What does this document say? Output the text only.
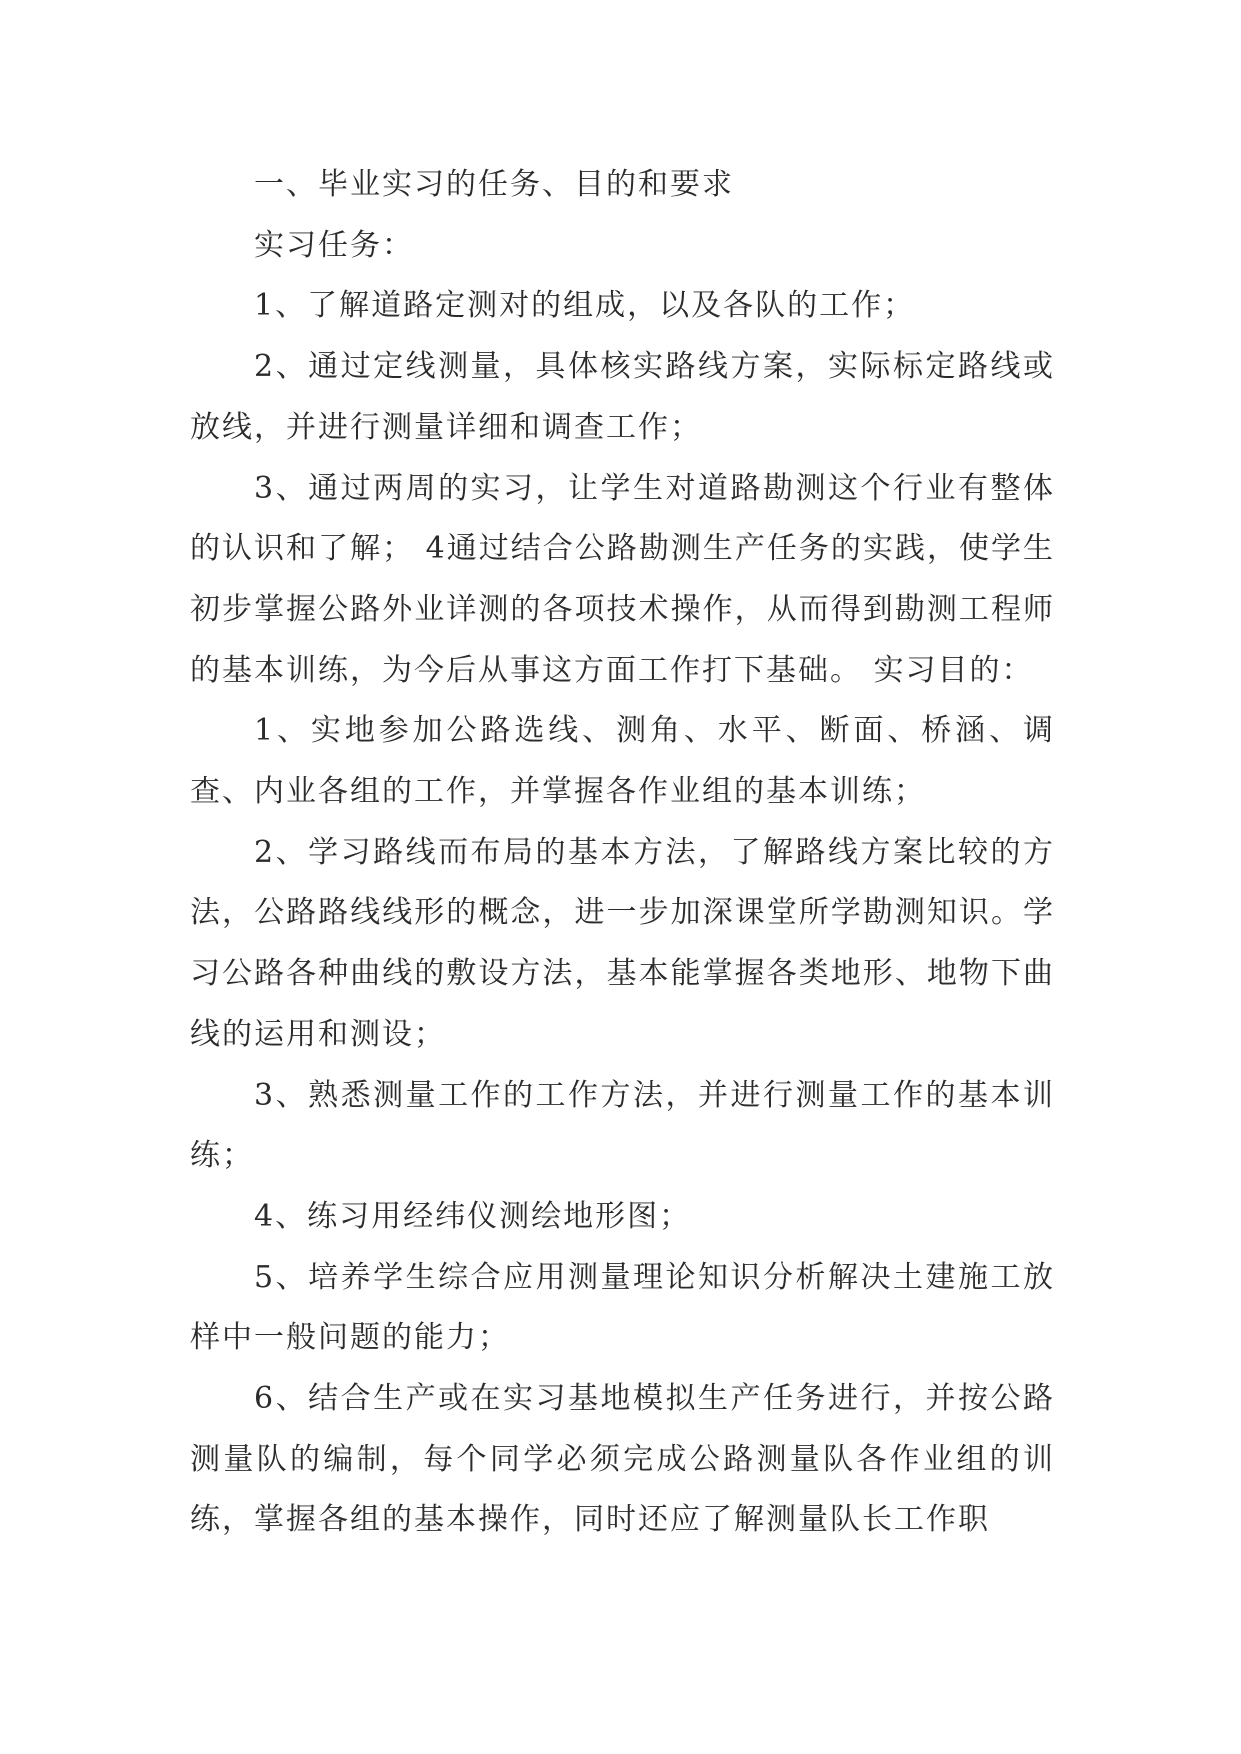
一、毕业实习的任务、目的和要求

实习任务：

1、了解道路定测对的组成，以及各队的工作；

2、通过定线测量，具体核实路线方案，实际标定路线或放线，并进行测量详细和调查工作；

3、通过两周的实习，让学生对道路勘测这个行业有整体的认识和了解； 4通过结合公路勘测生产任务的实践，使学生初步掌握公路外业详测的各项技术操作，从而得到勘测工程师的基本训练，为今后从事这方面工作打下基础。 实习目的：

1、实地参加公路选线、测角、水平、断面、桥涵、调查、内业各组的工作，并掌握各作业组的基本训练；

2、学习路线而布局的基本方法，了解路线方案比较的方法，公路路线线形的概念，进一步加深课堂所学勘测知识。学习公路各种曲线的敷设方法，基本能掌握各类地形、地物下曲线的运用和测设；

3、熟悉测量工作的工作方法，并进行测量工作的基本训练；

4、练习用经纬仪测绘地形图；

5、培养学生综合应用测量理论知识分析解决土建施工放样中一般问题的能力；

6、结合生产或在实习基地模拟生产任务进行，并按公路测量队的编制，每个同学必须完成公路测量队各作业组的训练，掌握各组的基本操作，同时还应了解测量队长工作职
